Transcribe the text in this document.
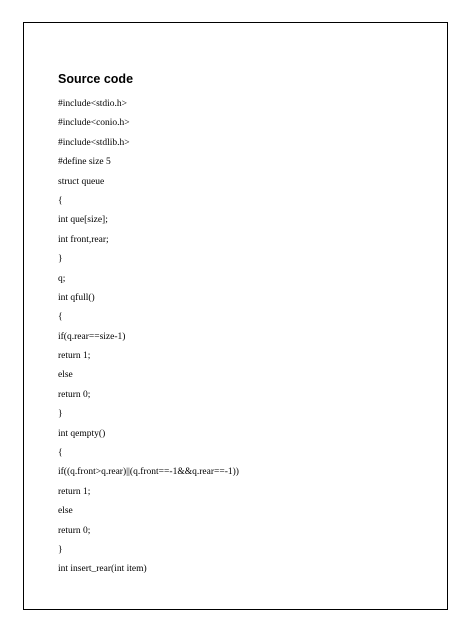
Source code
#include<stdio.h>
#include<conio.h>
#include<stdlib.h>
#define size 5
struct queue
{
int que[size];
int front,rear;
}
q;
int qfull()
{
if(q.rear==size-1)
return 1;
else
return 0;
}
int qempty()
{
if((q.front>q.rear)||(q.front==-1&&q.rear==-1))
return 1;
else
return 0;
}
int insert_rear(int item)
